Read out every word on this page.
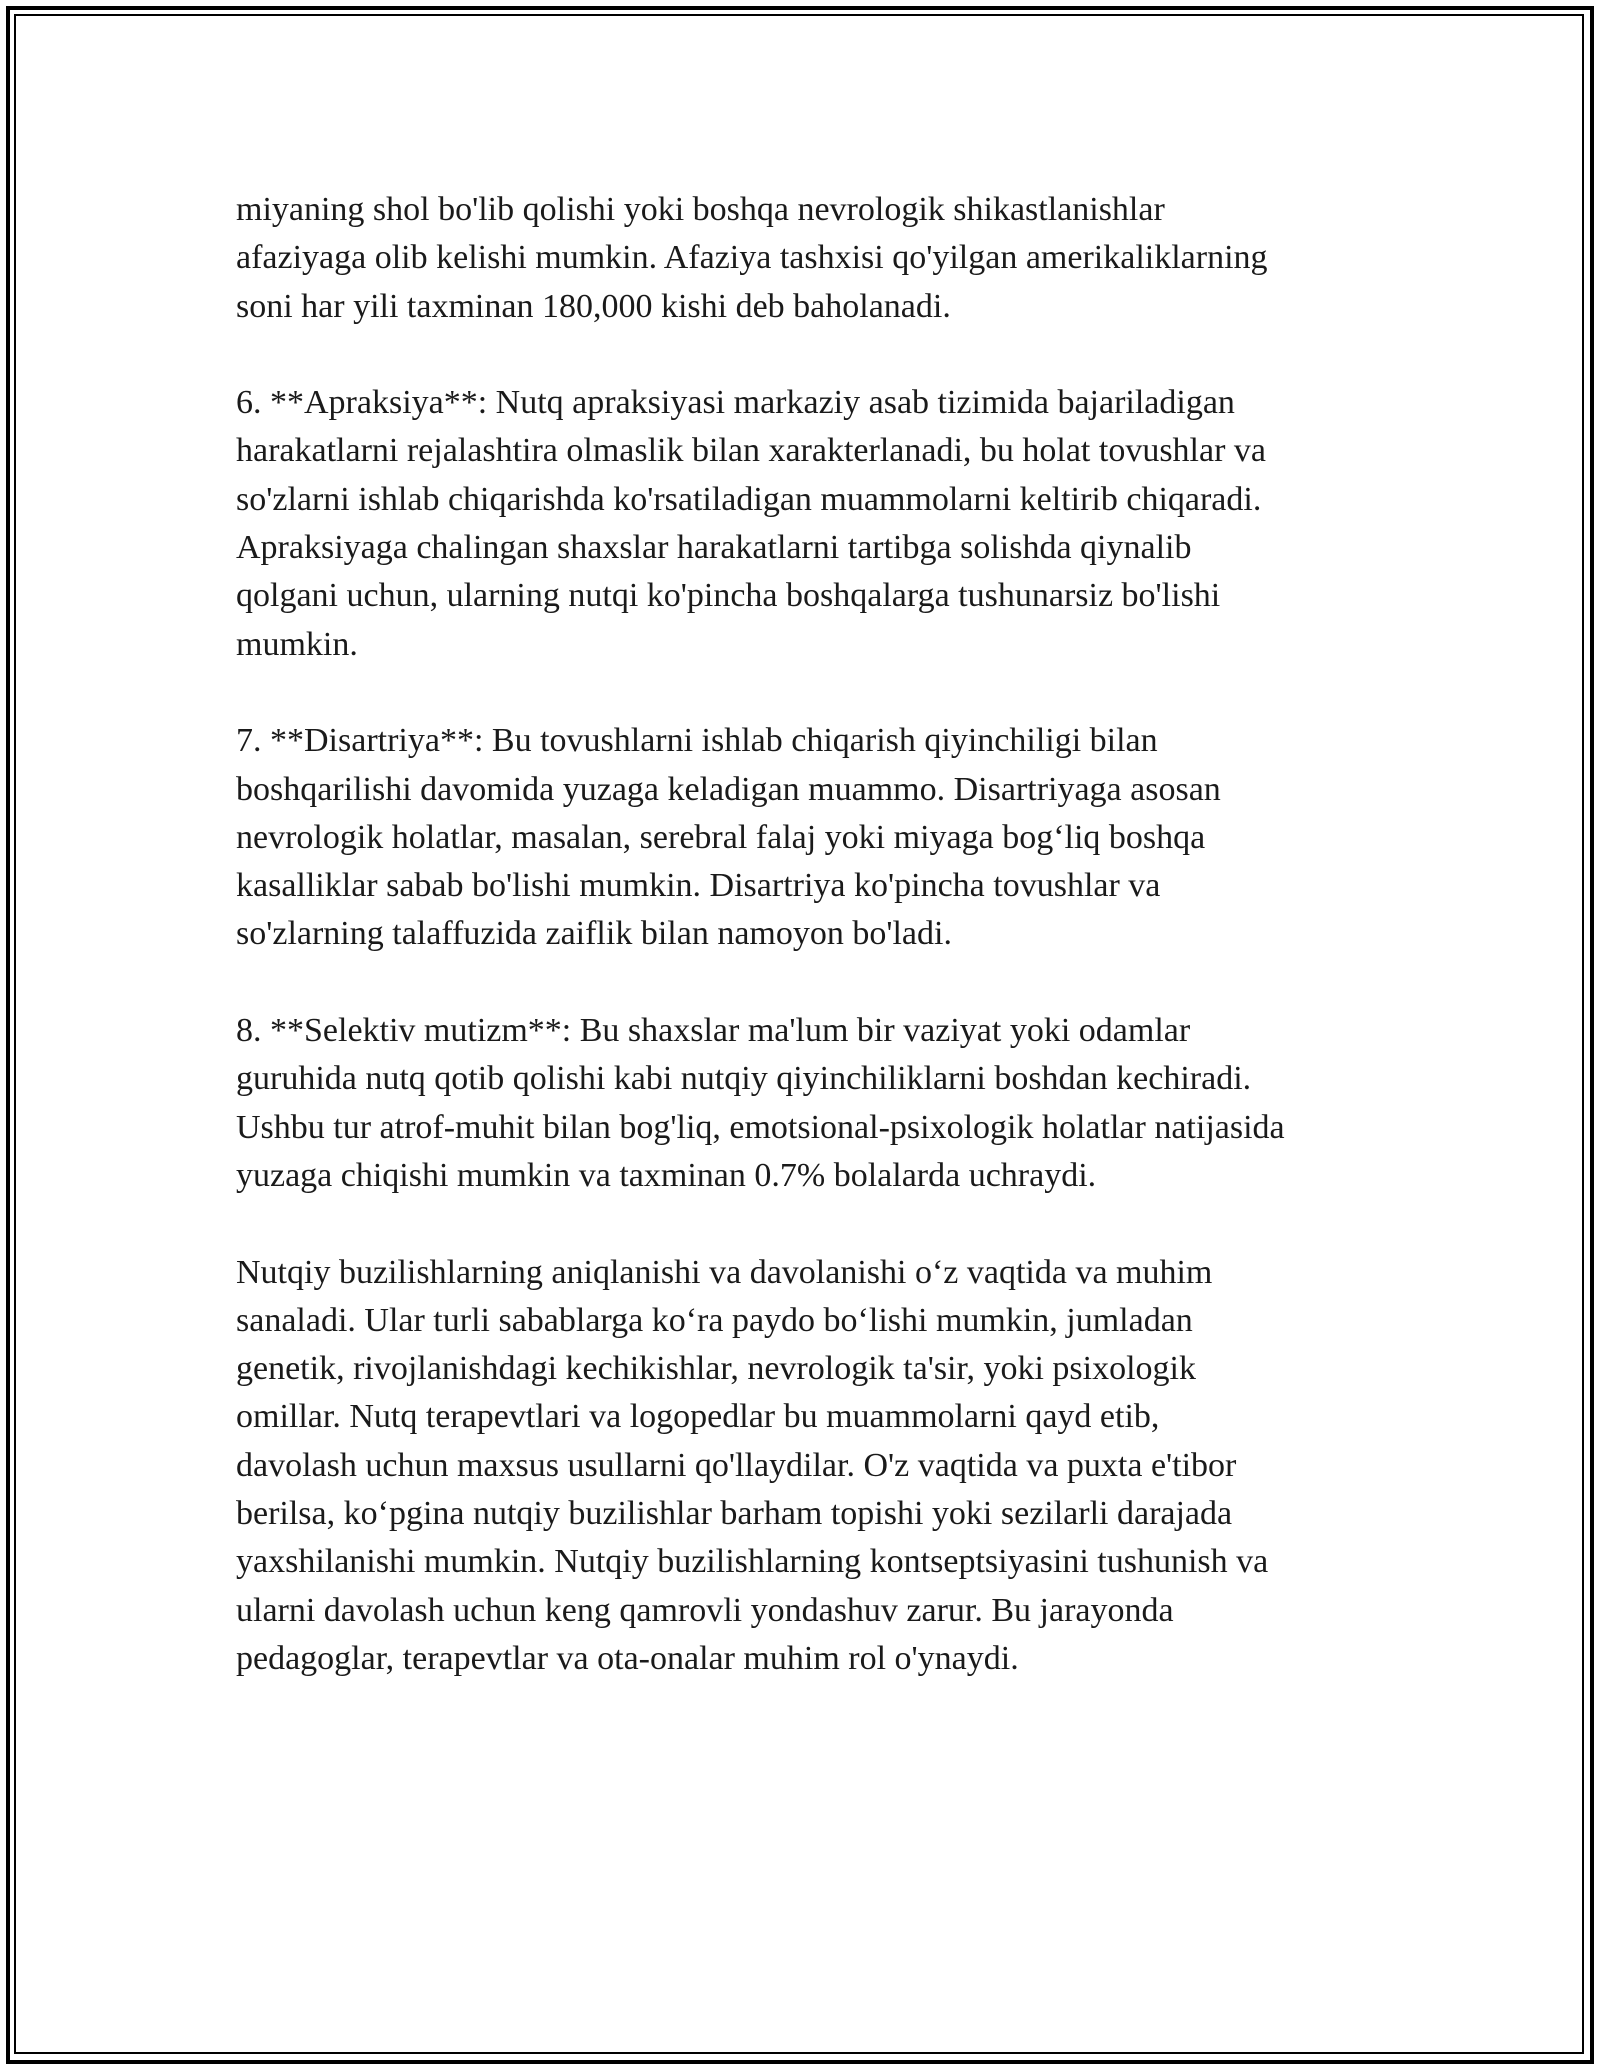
miyaning shol bo'lib qolishi yoki boshqa nevrologik shikastlanishlar
afaziyaga olib kelishi mumkin. Afaziya tashxisi qo'yilgan amerikaliklarning
soni har yili taxminan 180,000 kishi deb baholanadi.

6. **Apraksiya**: Nutq apraksiyasi markaziy asab tizimida bajariladigan
harakatlarni rejalashtira olmaslik bilan xarakterlanadi, bu holat tovushlar va
so'zlarni ishlab chiqarishda ko'rsatiladigan muammolarni keltirib chiqaradi.
Apraksiyaga chalingan shaxslar harakatlarni tartibga solishda qiynalib
qolgani uchun, ularning nutqi ko'pincha boshqalarga tushunarsiz bo'lishi
mumkin.

7. **Disartriya**: Bu tovushlarni ishlab chiqarish qiyinchiligi bilan
boshqarilishi davomida yuzaga keladigan muammo. Disartriyaga asosan
nevrologik holatlar, masalan, serebral falaj yoki miyaga bog‘liq boshqa
kasalliklar sabab bo'lishi mumkin. Disartriya ko'pincha tovushlar va
so'zlarning talaffuzida zaiflik bilan namoyon bo'ladi.

8. **Selektiv mutizm**: Bu shaxslar ma'lum bir vaziyat yoki odamlar
guruhida nutq qotib qolishi kabi nutqiy qiyinchiliklarni boshdan kechiradi.
Ushbu tur atrof-muhit bilan bog'liq, emotsional-psixologik holatlar natijasida
yuzaga chiqishi mumkin va taxminan 0.7% bolalarda uchraydi.

Nutqiy buzilishlarning aniqlanishi va davolanishi o‘z vaqtida va muhim
sanaladi. Ular turli sabablarga ko‘ra paydo bo‘lishi mumkin, jumladan
genetik, rivojlanishdagi kechikishlar, nevrologik ta'sir, yoki psixologik
omillar. Nutq terapevtlari va logopedlar bu muammolarni qayd etib,
davolash uchun maxsus usullarni qo'llaydilar. O'z vaqtida va puxta e'tibor
berilsa, ko‘pgina nutqiy buzilishlar barham topishi yoki sezilarli darajada
yaxshilanishi mumkin. Nutqiy buzilishlarning kontseptsiyasini tushunish va
ularni davolash uchun keng qamrovli yondashuv zarur. Bu jarayonda
pedagoglar, terapevtlar va ota-onalar muhim rol o'ynaydi.
